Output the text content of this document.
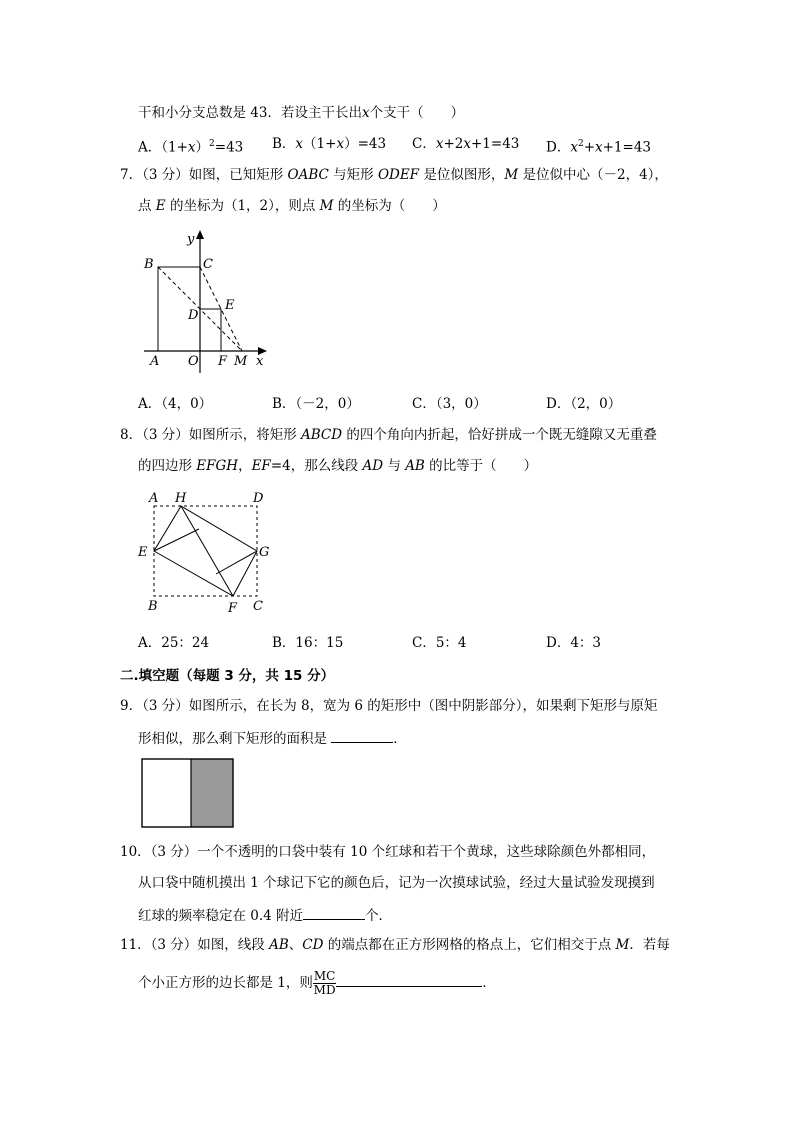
干和小分支总数是 43．若设主干长出x个支干（　　）
A．$(1+x)^2=43$ B．x（1+x）=43 C．x+2x+1=43 D．$x^2+x+1=43$
7．（3 分）如图，已知矩形 OABC 与矩形 ODEF 是位似图形，M 是位似中心（－2，4），
点 E 的坐标为（1，2），则点 M 的坐标为（　　）
y
B	C
E
D
A O F M x
A．（4，0）	B．（－2，0）	C．（3，0）	D．（2，0）
8．（3 分）如图所示，将矩形 ABCD 的四个角向内折起，恰好拼成一个既无缝隙又无重叠
的四边形 EFGH，EF=4，那么线段 AD 与 AB 的比等于（　　）
A H	D
E	G
B	F C
A．25：24	B．16：15	C．5：4	D．4：3
二.填空题（每题 3 分，共 15 分）
9．（3 分）如图所示，在长为 8，宽为 6 的矩形中（图中阴影部分），如果剩下矩形与原矩
形相似，那么剩下矩形的面积是	．
10．（3 分）一个不透明的口袋中装有 10 个红球和若干个黄球，这些球除颜色外都相同，
从口袋中随机摸出 1 个球记下它的颜色后，记为一次摸球试验，经过大量试验发现摸到
红球的频率稳定在 0.4 附近	个．
11．（3 分）如图，线段 AB、CD 的端点都在正方形网格的格点上，它们相交于点 M．若每
个小正方形的边长都是 1，则 $\frac{MC}{MD}$	．
